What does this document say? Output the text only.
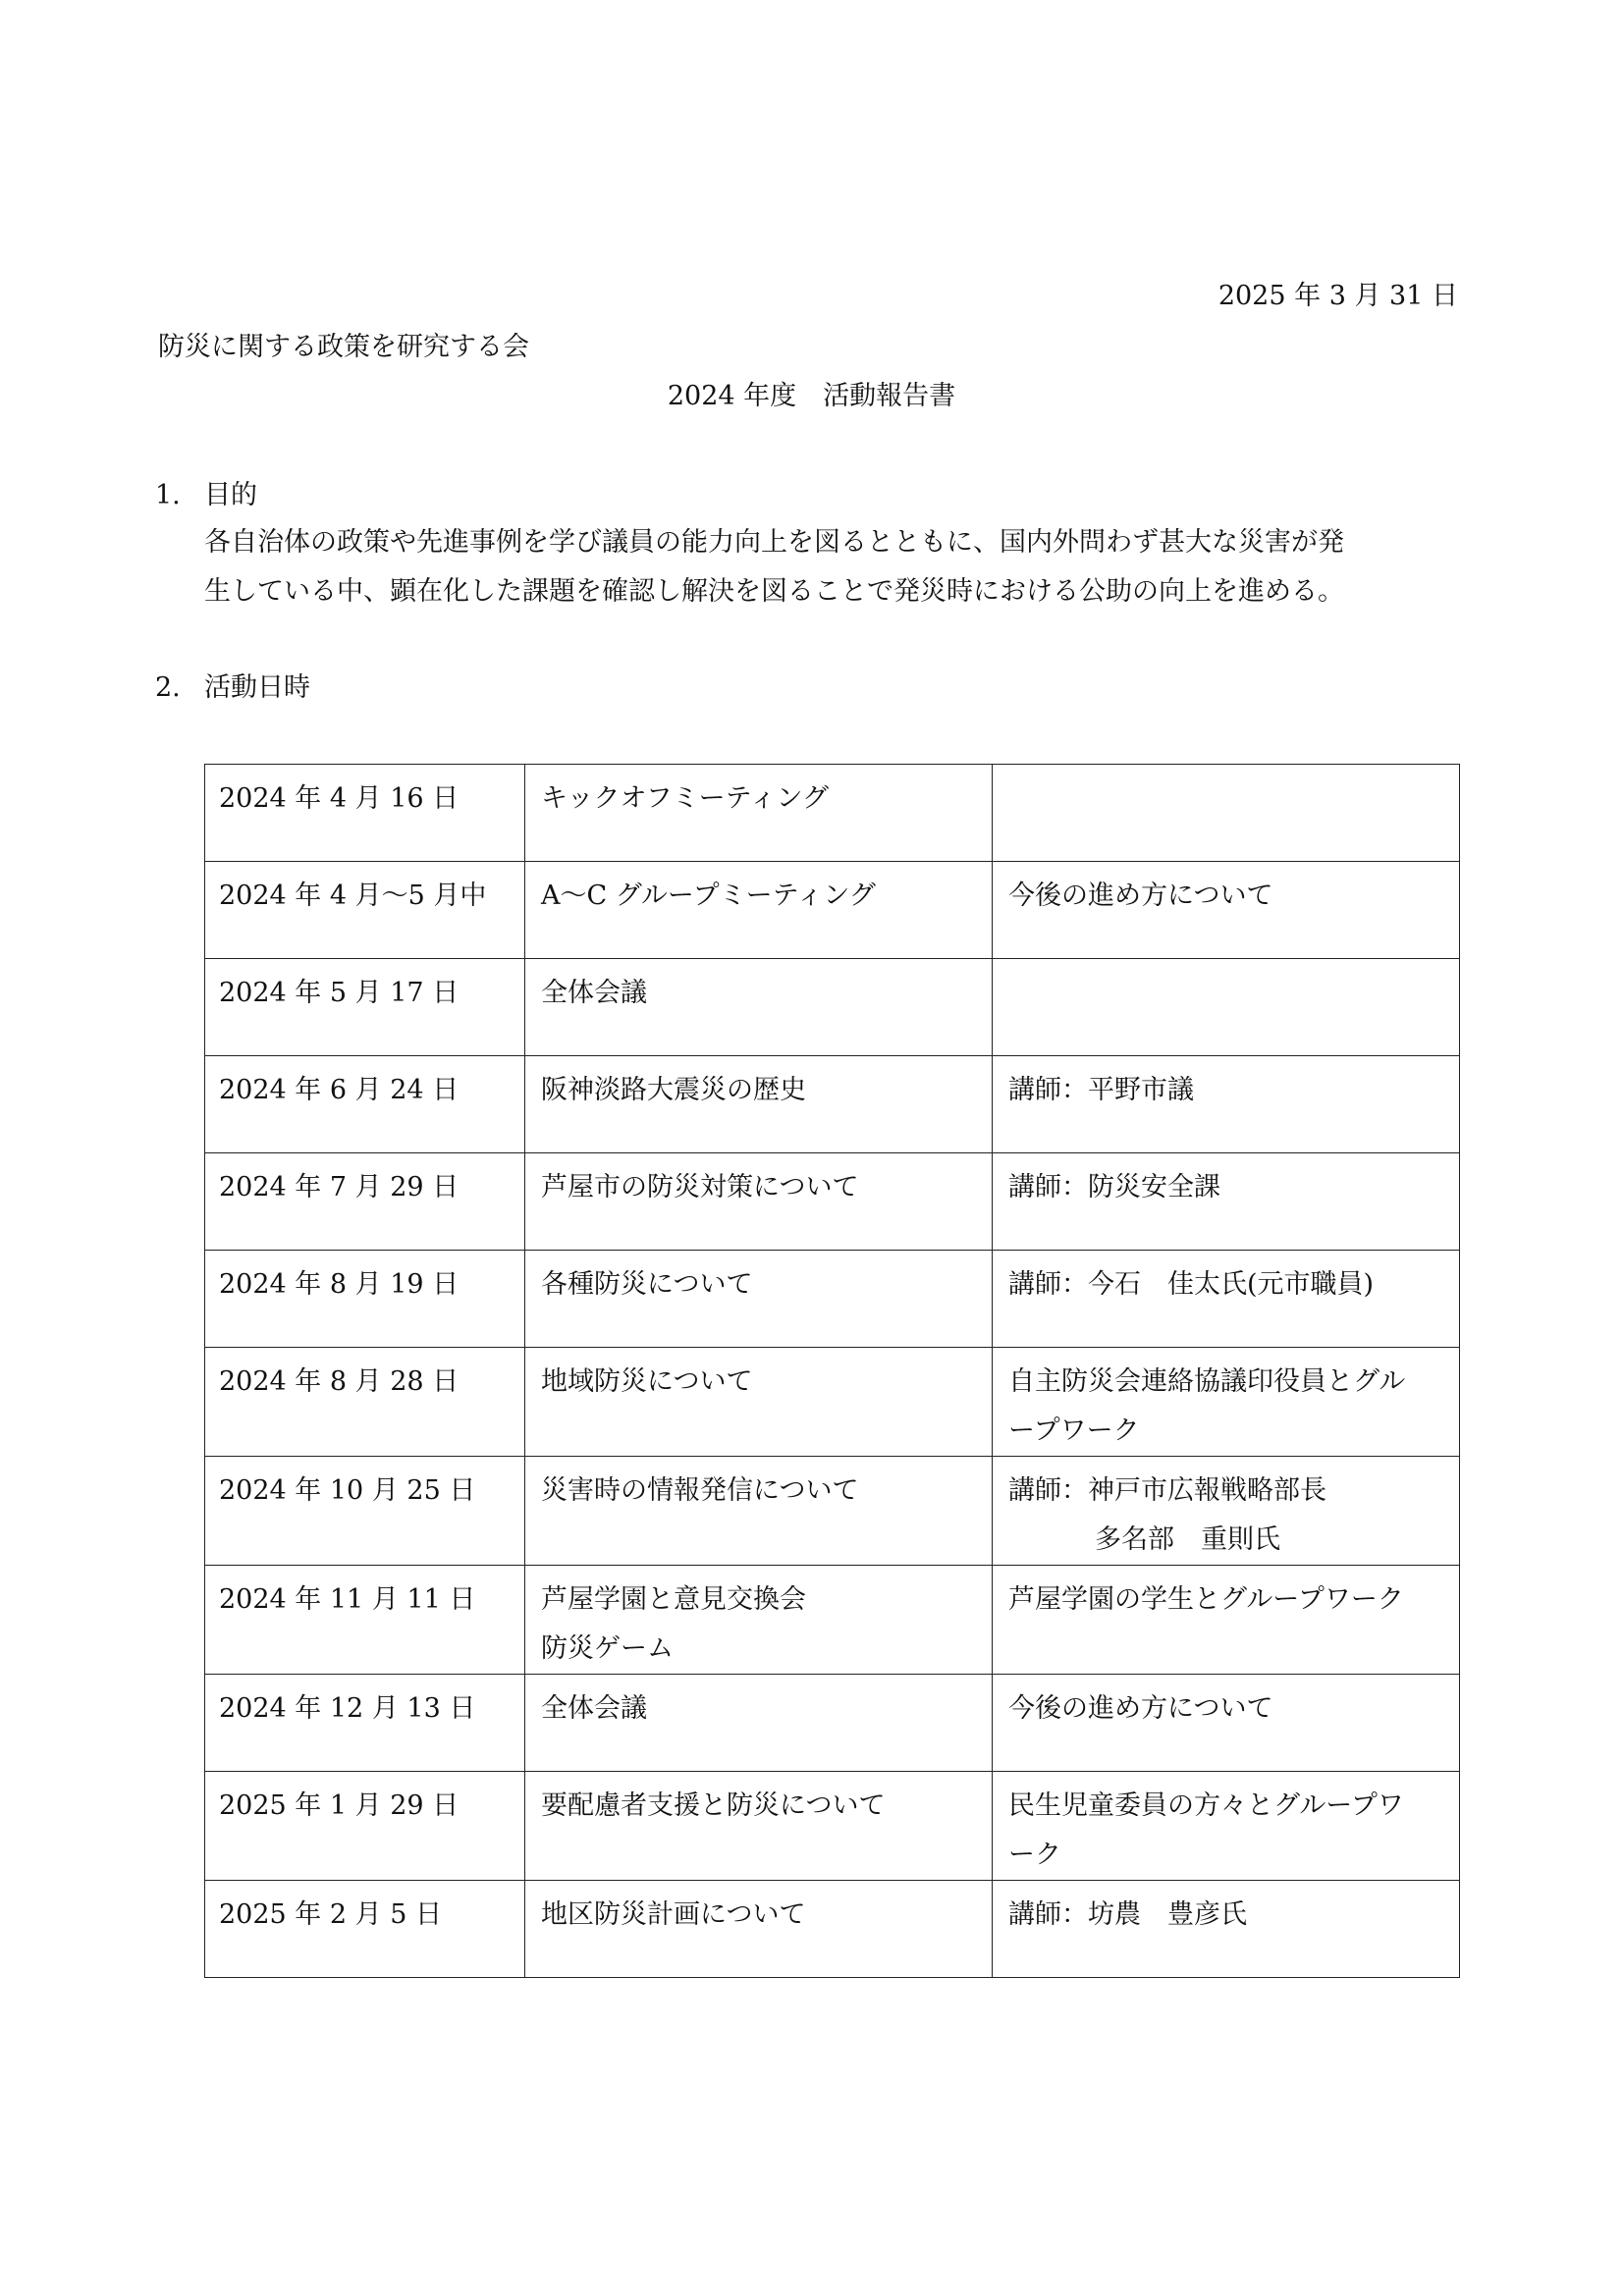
2025 年 3 月 31 日
防災に関する政策を研究する会
2024 年度　活動報告書
1. 目的
各自治体の政策や先進事例を学び議員の能力向上を図るとともに、国内外問わず甚大な災害が発
生している中、顕在化した課題を確認し解決を図ることで発災時における公助の向上を進める。
2. 活動日時
2024 年 4 月 16 日	キックオフミーティング	

2024 年 4 月～5 月中	A～C グループミーティング	今後の進め方について

2024 年 5 月 17 日	全体会議	

2024 年 6 月 24 日	阪神淡路大震災の歴史	講師：平野市議

2024 年 7 月 29 日	芦屋市の防災対策について	講師：防災安全課

2024 年 8 月 19 日	各種防災について	講師：今石　佳太氏(元市職員)

2024 年 8 月 28 日	地域防災について	自主防災会連絡協議印役員とグル
ープワーク

2024 年 10 月 25 日	災害時の情報発信について	講師：神戸市広報戦略部長
多名部　重則氏

2024 年 11 月 11 日	芦屋学園と意見交換会
防災ゲーム	芦屋学園の学生とグループワーク

2024 年 12 月 13 日	全体会議	今後の進め方について

2025 年 1 月 29 日	要配慮者支援と防災について	民生児童委員の方々とグループワ
ーク

2025 年 2 月 5 日	地区防災計画について	講師：坊農　豊彦氏
